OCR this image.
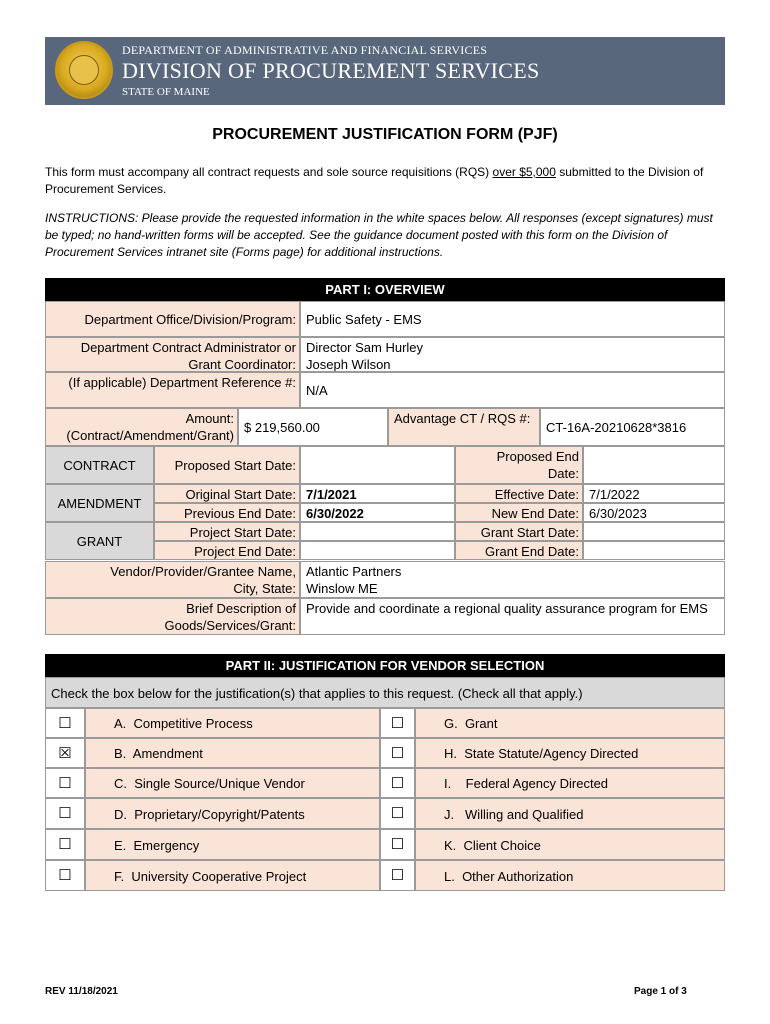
DEPARTMENT OF ADMINISTRATIVE AND FINANCIAL SERVICES
DIVISION OF PROCUREMENT SERVICES
STATE OF MAINE
PROCUREMENT JUSTIFICATION FORM (PJF)
This form must accompany all contract requests and sole source requisitions (RQS) over $5,000 submitted to the Division of Procurement Services.
INSTRUCTIONS: Please provide the requested information in the white spaces below. All responses (except signatures) must be typed; no hand-written forms will be accepted. See the guidance document posted with this form on the Division of Procurement Services intranet site (Forms page) for additional instructions.
PART I: OVERVIEW
Department Office/Division/Program: Public Safety - EMS
Department Contract Administrator or Grant Coordinator:
Director Sam Hurley Joseph Wilson
(If applicable) Department Reference #:
N/A
Amount: (Contract/Amendment/Grant)
$ 219,560.00
Advantage CT / RQS #:
CT-16A-20210628*3816
CONTRACT	Proposed Start Date:
Proposed End Date:
AMENDMENT
Original Start Date: 7/1/2021	Effective Date: 7/1/2022
Previous End Date: 6/30/2022	New End Date: 6/30/2023
GRANT
Project Start Date:	Grant Start Date:
Project End Date:	Grant End Date:
Vendor/Provider/Grantee Name, City, State:
Atlantic Partners Winslow ME
Brief Description of Goods/Services/Grant:
Provide and coordinate a regional quality assurance program for EMS
PART II: JUSTIFICATION FOR VENDOR SELECTION
Check the box below for the justification(s) that applies to this request. (Check all that apply.)
☐	A.  Competitive Process	☐	G.  Grant
☒	B.  Amendment	☐	H.  State Statute/Agency Directed
☐	C.  Single Source/Unique Vendor	☐	I.    Federal Agency Directed
☐	D.  Proprietary/Copyright/Patents	☐	J.   Willing and Qualified
☐	E.  Emergency	☐	K.  Client Choice
☐	F.  University Cooperative Project	☐	L.  Other Authorization
REV 11/18/2021	Page 1 of 3
